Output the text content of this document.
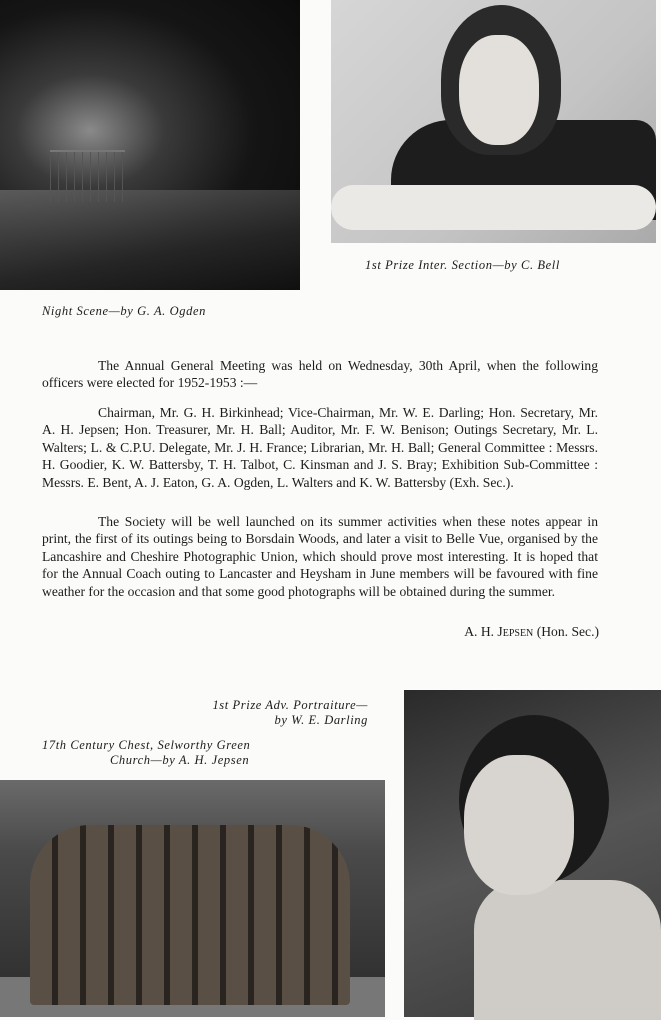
1st Prize Inter. Section—by C. Bell
Night Scene—by G. A. Ogden

The Annual General Meeting was held on Wednesday, 30th April, when the following officers were elected for 1952-1953 :—

Chairman, Mr. G. H. Birkinhead; Vice-Chairman, Mr. W. E. Darling; Hon. Secretary, Mr. A. H. Jepsen; Hon. Treasurer, Mr. H. Ball; Auditor, Mr. F. W. Benison; Outings Secretary, Mr. L. Walters; L. & C.P.U. Delegate, Mr. J. H. France; Librarian, Mr. H. Ball; General Committee : Messrs. H. Goodier, K. W. Battersby, T. H. Talbot, C. Kinsman and J. S. Bray; Exhibition Sub-Committee : Messrs. E. Bent, A. J. Eaton, G. A. Ogden, L. Walters and K. W. Battersby (Exh. Sec.).

The Society will be well launched on its summer activities when these notes appear in print, the first of its outings being to Borsdain Woods, and later a visit to Belle Vue, organised by the Lancashire and Cheshire Photographic Union, which should prove most interesting. It is hoped that for the Annual Coach outing to Lancaster and Heysham in June members will be favoured with fine weather for the occasion and that some good photographs will be obtained during the summer.

A. H. Jepsen (Hon. Sec.)
1st Prize Adv. Portraiture—
by W. E. Darling
17th Century Chest, Selworthy Green
Church—by A. H. Jepsen
